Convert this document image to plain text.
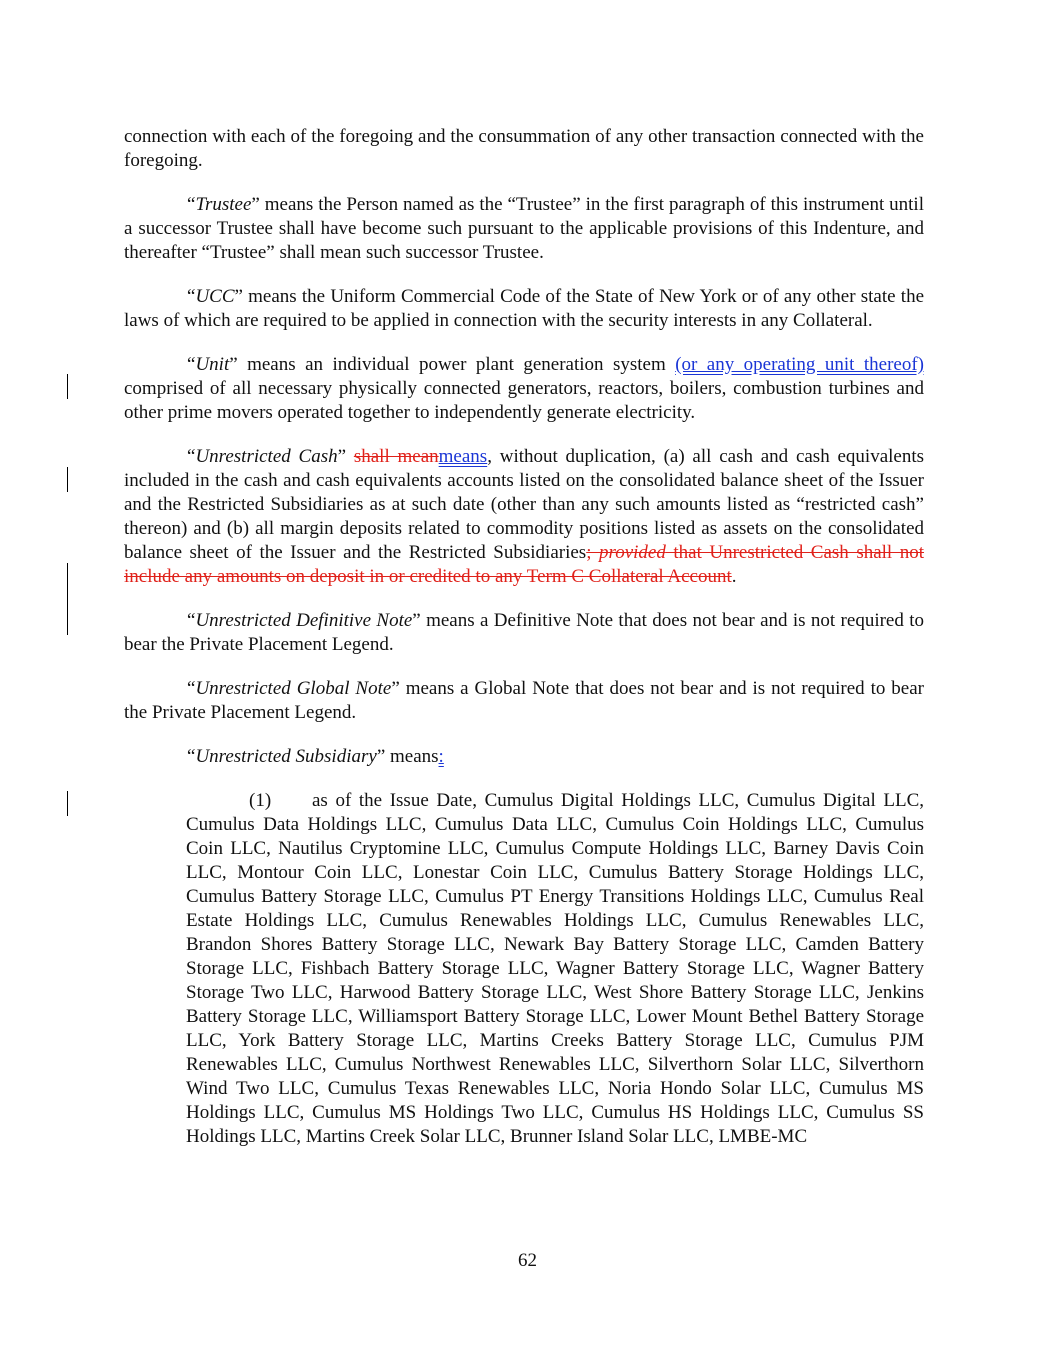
connection with each of the foregoing and the consummation of any other transaction connected with the foregoing.

“Trustee” means the Person named as the “Trustee” in the first paragraph of this instrument until a successor Trustee shall have become such pursuant to the applicable provisions of this Indenture, and thereafter “Trustee” shall mean such successor Trustee.

“UCC” means the Uniform Commercial Code of the State of New York or of any other state the laws of which are required to be applied in connection with the security interests in any Collateral.

“Unit” means an individual power plant generation system (or any operating unit thereof) comprised of all necessary physically connected generators, reactors, boilers, combustion turbines and other prime movers operated together to independently generate electricity.

“Unrestricted Cash” shall meanmeans, without duplication, (a) all cash and cash equivalents included in the cash and cash equivalents accounts listed on the consolidated balance sheet of the Issuer and the Restricted Subsidiaries as at such date (other than any such amounts listed as “restricted cash” thereon) and (b) all margin deposits related to commodity positions listed as assets on the consolidated balance sheet of the Issuer and the Restricted Subsidiaries; provided that Unrestricted Cash shall not include any amounts on deposit in or credited to any Term C Collateral Account.

“Unrestricted Definitive Note” means a Definitive Note that does not bear and is not required to bear the Private Placement Legend.

“Unrestricted Global Note” means a Global Note that does not bear and is not required to bear the Private Placement Legend.

“Unrestricted Subsidiary” means:

(1) as of the Issue Date, Cumulus Digital Holdings LLC, Cumulus Digital LLC, Cumulus Data Holdings LLC, Cumulus Data LLC, Cumulus Coin Holdings LLC, Cumulus Coin LLC, Nautilus Cryptomine LLC, Cumulus Compute Holdings LLC, Barney Davis Coin LLC, Montour Coin LLC, Lonestar Coin LLC, Cumulus Battery Storage Holdings LLC, Cumulus Battery Storage LLC, Cumulus PT Energy Transitions Holdings LLC, Cumulus Real Estate Holdings LLC, Cumulus Renewables Holdings LLC, Cumulus Renewables LLC, Brandon Shores Battery Storage LLC, Newark Bay Battery Storage LLC, Camden Battery Storage LLC, Fishbach Battery Storage LLC, Wagner Battery Storage LLC, Wagner Battery Storage Two LLC, Harwood Battery Storage LLC, West Shore Battery Storage LLC, Jenkins Battery Storage LLC, Williamsport Battery Storage LLC, Lower Mount Bethel Battery Storage LLC, York Battery Storage LLC, Martins Creeks Battery Storage LLC, Cumulus PJM Renewables LLC, Cumulus Northwest Renewables LLC, Silverthorn Solar LLC, Silverthorn Wind Two LLC, Cumulus Texas Renewables LLC, Noria Hondo Solar LLC, Cumulus MS Holdings LLC, Cumulus MS Holdings Two LLC, Cumulus HS Holdings LLC, Cumulus SS Holdings LLC, Martins Creek Solar LLC, Brunner Island Solar LLC, LMBE-MC

62
